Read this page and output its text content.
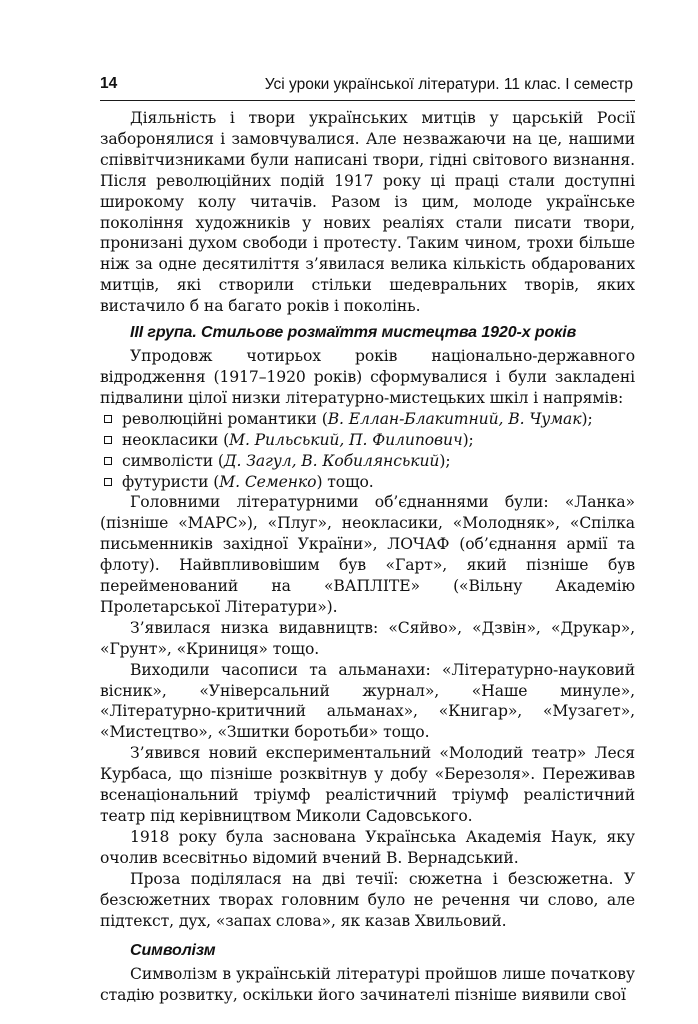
14	Усі уроки української літератури. 11 клас. І семестр

Діяльність і твори українських митців у царській Росії заборонялися і замовчувалися. Але незважаючи на це, нашими співвітчизниками були написані твори, гідні світового визнання. Після революційних подій 1917 року ці праці стали доступні широкому колу читачів. Разом із цим, молоде українське покоління художників у нових реаліях стали писати твори, пронизані духом свободи і протесту. Таким чином, трохи більше ніж за одне десятиліття з’явилася велика кількість обдарованих митців, які створили стільки шедевральних творів, яких вистачило б на багато років і поколінь.

ІІІ група. Стильове розмаїття мистецтва 1920-х років

Упродовж чотирьох років національно-державного відродження (1917–1920 років) сформувалися і були закладені підвалини цілої низки літературно-мистецьких шкіл і напрямів:

революційні романтики (В. Еллан-Блакитний, В. Чумак);
неокласики (М. Рильський, П. Филипович);
символісти (Д. Загул, В. Кобилянський);
футуристи (М. Семенко) тощо.

Головними літературними об’єднаннями були: «Ланка» (пізніше «МАРС»), «Плуг», неокласики, «Молодняк», «Спілка письменників західної України», ЛОЧАФ (об’єднання армії та флоту). Найвпливовішим був «Гарт», який пізніше був перейменований на «ВАПЛІТЕ» («Вільну Академію Пролетарської Літератури»).

З’явилася низка видавництв: «Сяйво», «Дзвін», «Друкар», «Грунт», «Криниця» тощо.

Виходили часописи та альманахи: «Літературно-науковий вісник», «Універсальний журнал», «Наше минуле», «Літературно-критичний альманах», «Книгар», «Музагет», «Мистецтво», «Зшитки боротьби» тощо.

З’явився новий експериментальний «Молодий театр» Леся Курбаса, що пізніше розквітнув у добу «Березоля». Переживав всенаціональний тріумф реалістичний тріумф реалістичний театр під керівництвом Миколи Садовського.

1918 року була заснована Українська Академія Наук, яку очолив всесвітньо відомий вчений В. Вернадський.

Проза поділялася на дві течії: сюжетна і безсюжетна. У безсюжетних творах головним було не речення чи слово, але підтекст, дух, «запах слова», як казав Хвильовий.

Символізм

Символізм в українській літературі пройшов лише початкову стадію розвитку, оскільки його зачинателі пізніше виявили свої
